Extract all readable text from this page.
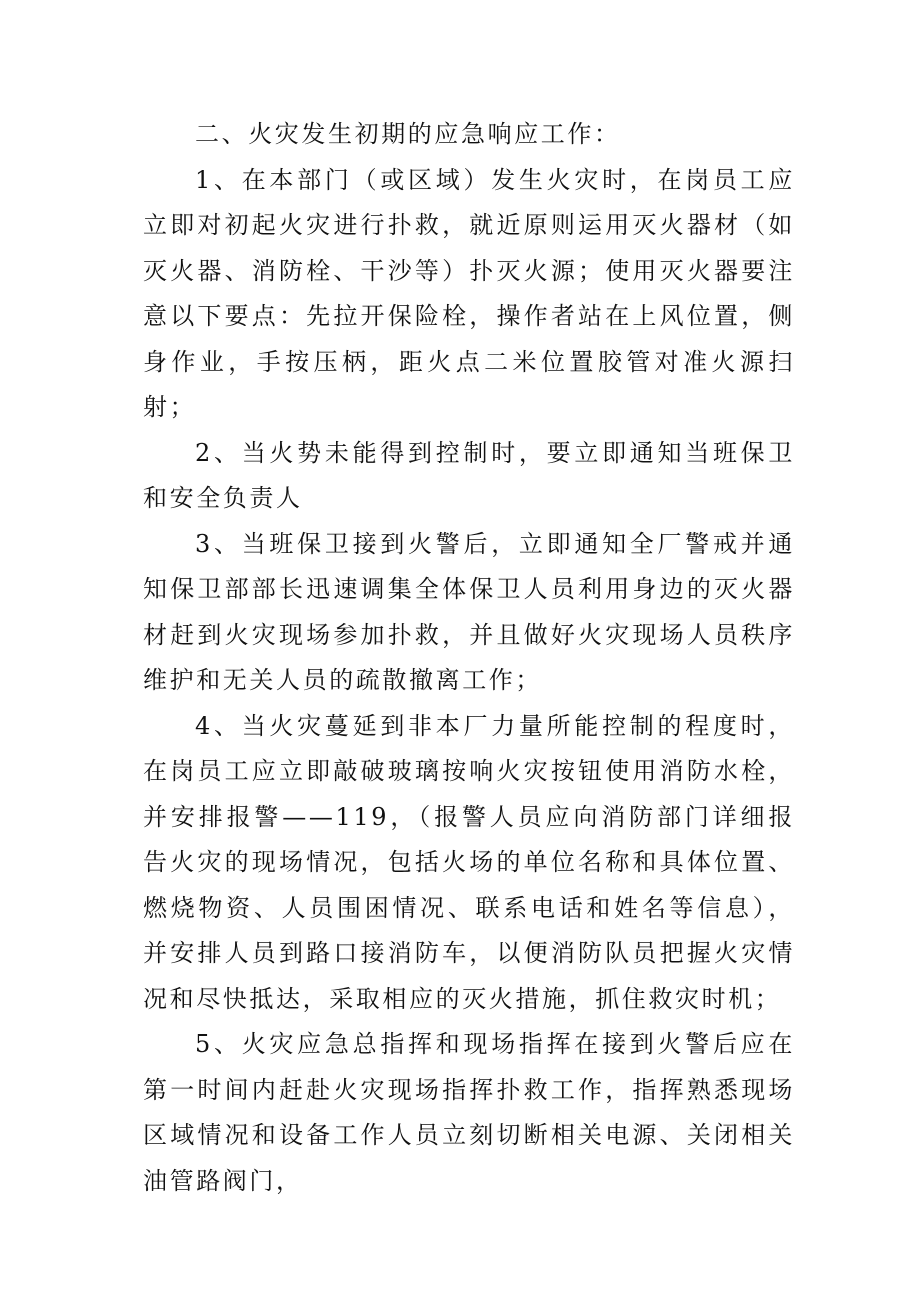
二、火灾发生初期的应急响应工作：

1、在本部门（或区域）发生火灾时，在岗员工应立即对初起火灾进行扑救，就近原则运用灭火器材（如灭火器、消防栓、干沙等）扑灭火源；使用灭火器要注意以下要点：先拉开保险栓，操作者站在上风位置，侧身作业，手按压柄，距火点二米位置胶管对准火源扫射；

2、当火势未能得到控制时，要立即通知当班保卫和安全负责人

3、当班保卫接到火警后，立即通知全厂警戒并通知保卫部部长迅速调集全体保卫人员利用身边的灭火器材赶到火灾现场参加扑救，并且做好火灾现场人员秩序维护和无关人员的疏散撤离工作；

4、当火灾蔓延到非本厂力量所能控制的程度时，在岗员工应立即敲破玻璃按响火灾按钮使用消防水栓，并安排报警——119，（报警人员应向消防部门详细报告火灾的现场情况，包括火场的单位名称和具体位置、燃烧物资、人员围困情况、联系电话和姓名等信息），并安排人员到路口接消防车，以便消防队员把握火灾情况和尽快抵达，采取相应的灭火措施，抓住救灾时机；

5、火灾应急总指挥和现场指挥在接到火警后应在第一时间内赶赴火灾现场指挥扑救工作，指挥熟悉现场区域情况和设备工作人员立刻切断相关电源、关闭相关油管路阀门，
